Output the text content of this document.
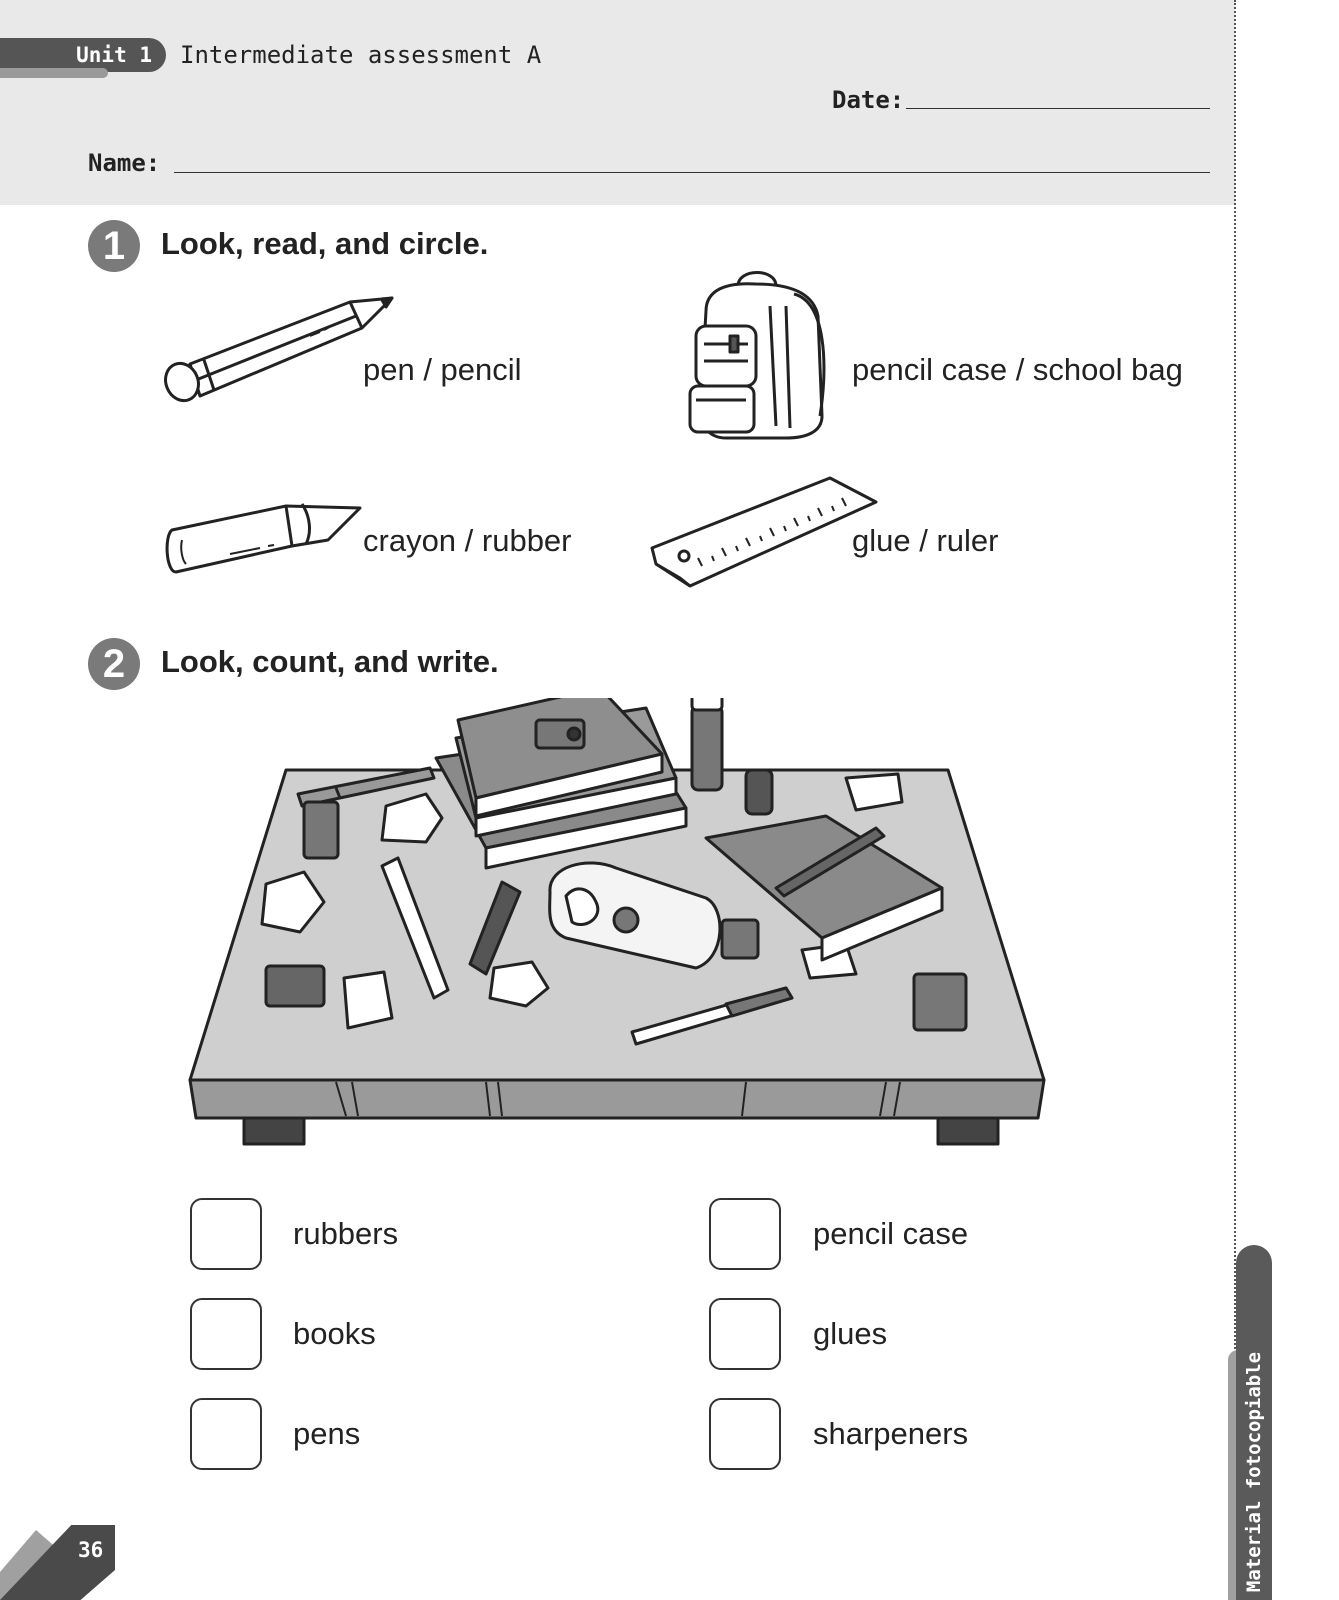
Unit 1 Intermediate assessment A
Date:
Name:
Material fotocopiable
1	Look, read, and circle.
pen / pencil	pencil case / school bag
crayon / rubber	glue / ruler
2	Look, count, and write.
rubbers	pencil case
books	glues
pens	sharpeners
36
